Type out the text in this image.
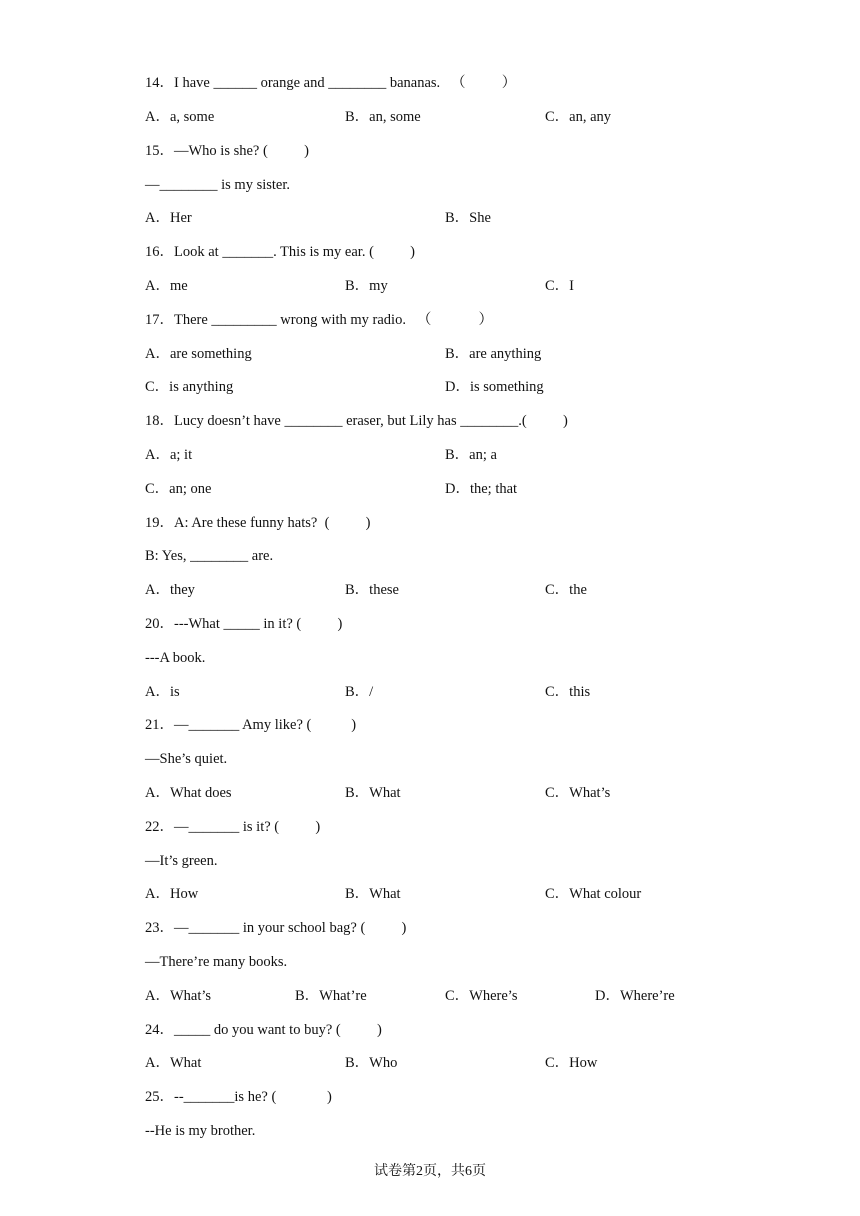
14．I have ______ orange and ________ bananas.   （          ）
A．a, some	B．an, some	C．an, any
15．—Who is she? (          )
—________ is my sister.
A．Her	B．She
16．Look at _______. This is my ear. (          )
A．me	B．my	C．I
17．There _________ wrong with my radio.   （             ）
A．are something	B．are anything
C．is anything	D．is something
18．Lucy doesn’t have ________ eraser, but Lily has ________.(          )
A．a; it	B．an; a
C．an; one	D．the; that
19．A: Are these funny hats?  (          )
B: Yes, ________ are.
A．they	B．these	C．the
20．---What _____ in it? (          )
---A book.
A．is	B．/	C．this
21．—_______ Amy like? (           )
—She’s quiet.
A．What does	B．What	C．What’s
22．—_______ is it? (          )
—It’s green.
A．How	B．What	C．What colour
23．—_______ in your school bag? (          )
—There’re many books.
A．What’s	B．What’re	C．Where’s	D．Where’re
24．_____ do you want to buy? (          )
A．What	B．Who	C．How
25．--_______is he? (              )
--He is my brother.
试卷第2页，共6页
